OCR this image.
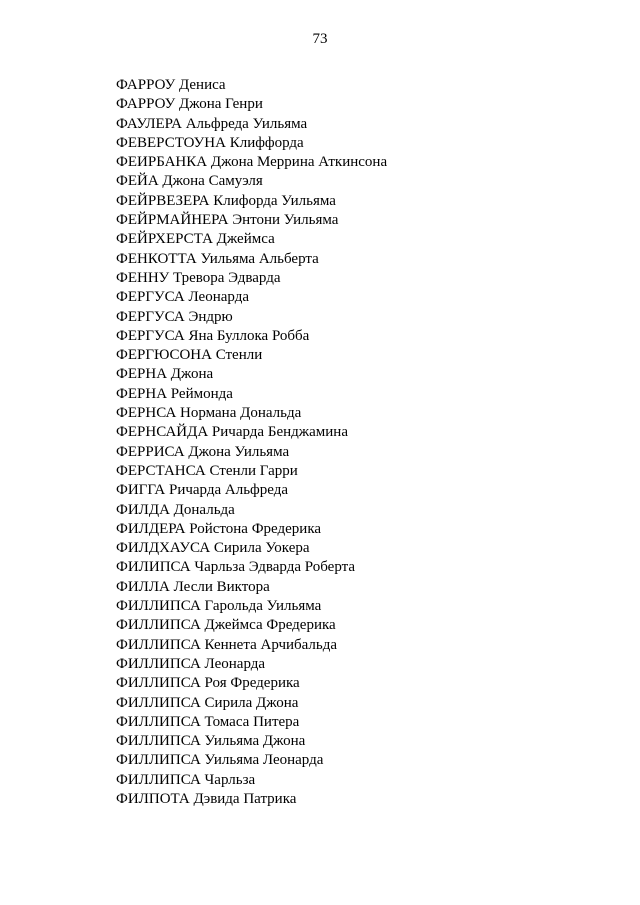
73
ФАРРОУ Дениса
ФАРРОУ Джона Генри
ФАУЛЕРА Альфреда Уильяма
ФЕВЕРСТОУНА Клиффорда
ФЕИРБАНКА Джона Меррина Аткинсона
ФЕЙА Джона Самуэля
ФЕЙРВЕЗЕРА Клифорда Уильяма
ФЕЙРМАЙНЕРА Энтони Уильяма
ФЕЙРХЕРСТА Джеймса
ФЕНКОТТА Уильяма Альберта
ФЕННУ Тревора Эдварда
ФЕРГУСА Леонарда
ФЕРГУСА Эндрю
ФЕРГУСА Яна Буллока Робба
ФЕРГЮСОНА Стенли
ФЕРНА Джона
ФЕРНА Реймонда
ФЕРНСА Нормана Дональда
ФЕРНСАЙДА Ричарда Бенджамина
ФЕРРИСА Джона Уильяма
ФЕРСТАНСА Стенли Гарри
ФИГГА Ричарда Альфреда
ФИЛДА Дональда
ФИЛДЕРА Ройстона Фредерика
ФИЛДХАУСА Сирила Уокера
ФИЛИПСА Чарльза Эдварда Роберта
ФИЛЛА Лесли Виктора
ФИЛЛИПСА Гарольда Уильяма
ФИЛЛИПСА Джеймса Фредерика
ФИЛЛИПСА Кеннета Арчибальда
ФИЛЛИПСА Леонарда
ФИЛЛИПСА Роя Фредерика
ФИЛЛИПСА Сирила Джона
ФИЛЛИПСА Томаса Питера
ФИЛЛИПСА Уильяма Джона
ФИЛЛИПСА Уильяма Леонарда
ФИЛЛИПСА Чарльза
ФИЛПОТА Дэвида Патрика
